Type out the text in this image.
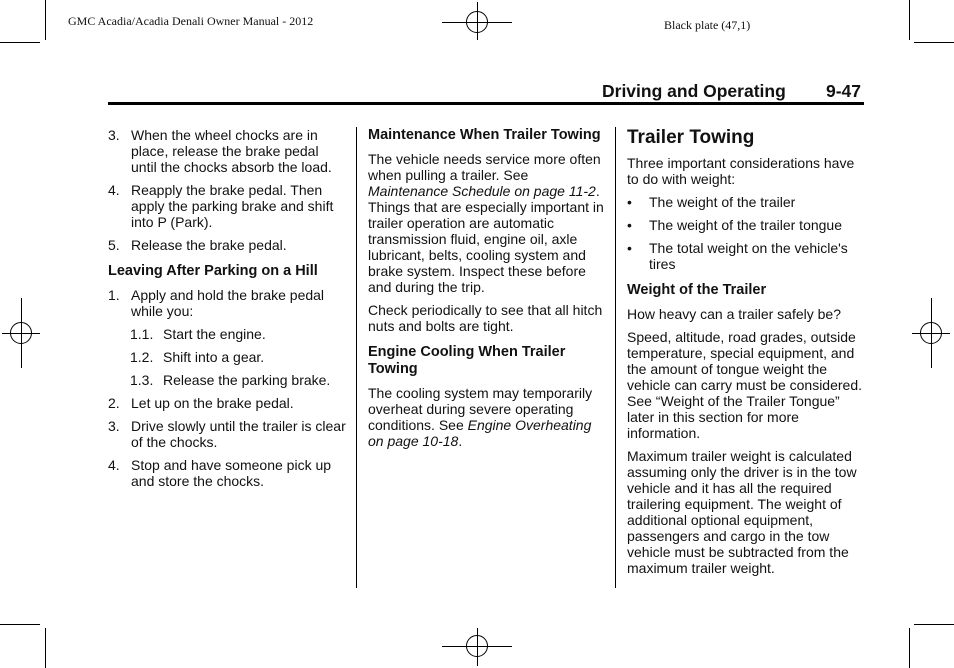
GMC Acadia/Acadia Denali Owner Manual - 2012	Black plate (47,1)
Driving and Operating 9-47
3. When the wheel chocks are in place, release the brake pedal until the chocks absorb the load.
4. Reapply the brake pedal. Then apply the parking brake and shift into P (Park).
5. Release the brake pedal.
Leaving After Parking on a Hill
1. Apply and hold the brake pedal while you:
1.1. Start the engine.
1.2. Shift into a gear.
1.3. Release the parking brake.
2. Let up on the brake pedal.
3. Drive slowly until the trailer is clear of the chocks.
4. Stop and have someone pick up and store the chocks.
Maintenance When Trailer Towing

The vehicle needs service more often when pulling a trailer. See Maintenance Schedule on page 11-2. Things that are especially important in trailer operation are automatic transmission fluid, engine oil, axle lubricant, belts, cooling system and brake system. Inspect these before and during the trip.

Check periodically to see that all hitch nuts and bolts are tight.

Engine Cooling When Trailer Towing

The cooling system may temporarily overheat during severe operating conditions. See Engine Overheating on page 10-18.

Trailer Towing

Three important considerations have to do with weight:

•	The weight of the trailer
•	The weight of the trailer tongue
•	The total weight on the vehicle's tires
Weight of the Trailer

How heavy can a trailer safely be?

Speed, altitude, road grades, outside temperature, special equipment, and the amount of tongue weight the vehicle can carry must be considered. See “Weight of the Trailer Tongue” later in this section for more information.

Maximum trailer weight is calculated assuming only the driver is in the tow vehicle and it has all the required trailering equipment. The weight of additional optional equipment, passengers and cargo in the tow vehicle must be subtracted from the maximum trailer weight.
